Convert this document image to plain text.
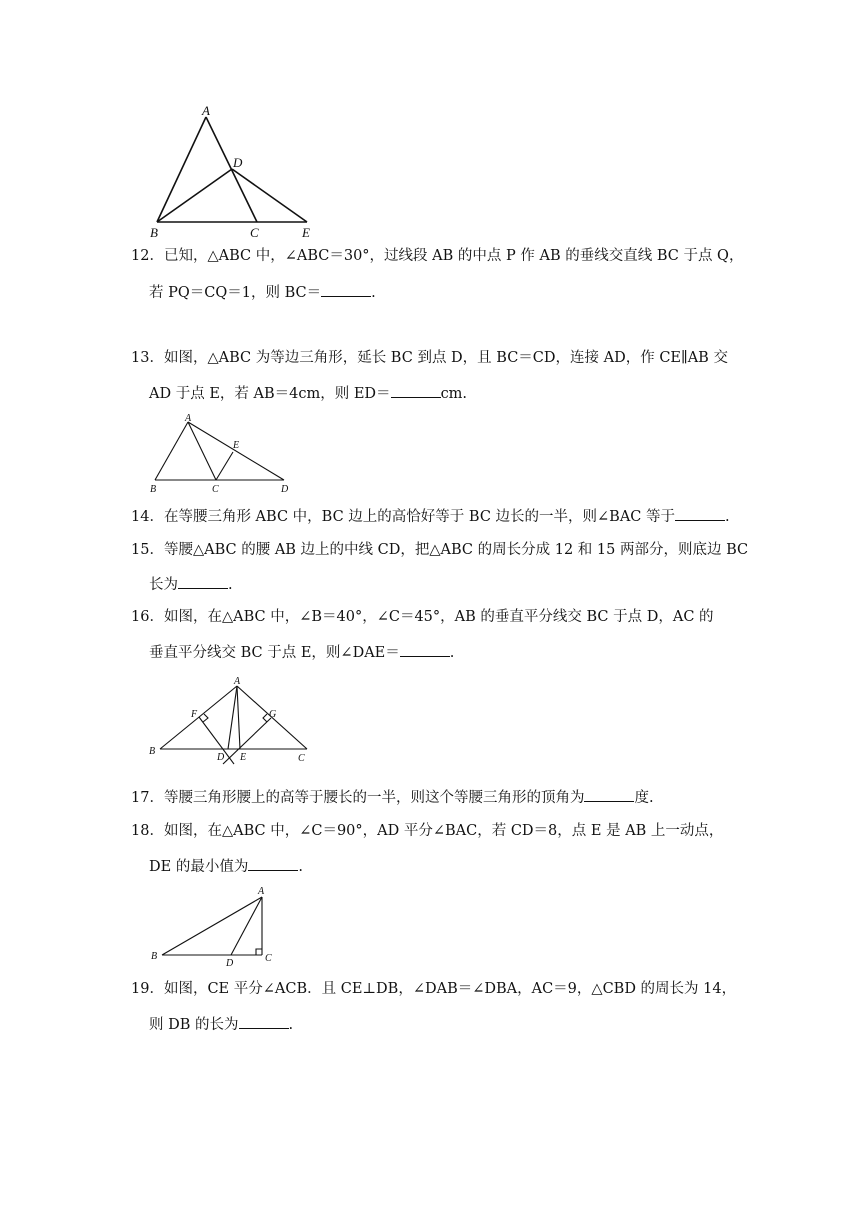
A
D
B	C	E
12．已知，△ABC 中，∠ABC＝30°，过线段 AB 的中点 P 作 AB 的垂线交直线 BC 于点 Q，
若 PQ＝CQ＝1，则 BC＝	.
13．如图，△ABC 为等边三角形，延长 BC 到点 D，且 BC＝CD，连接 AD，作 CE∥AB 交
AD 于点 E，若 AB＝4cm，则 ED＝	cm.
A
E
B	C	D
14．在等腰三角形 ABC 中，BC 边上的高恰好等于 BC 边长的一半，则∠BAC 等于	.
15．等腰△ABC 的腰 AB 边上的中线 CD，把△ABC 的周长分成 12 和 15 两部分，则底边 BC
长为	.
16．如图，在△ABC 中，∠B＝40°，∠C＝45°，AB 的垂直平分线交 BC 于点 D，AC 的
垂直平分线交 BC 于点 E，则∠DAE＝	.
A
F	G
B
C
D E
17．等腰三角形腰上的高等于腰长的一半，则这个等腰三角形的顶角为	度.
18．如图，在△ABC 中，∠C＝90°，AD 平分∠BAC，若 CD＝8，点 E 是 AB 上一动点，
DE 的最小值为	.
A
B	C
D
19．如图，CE 平分∠ACB．且 CE⊥DB，∠DAB＝∠DBA，AC＝9，△CBD 的周长为 14，
则 DB 的长为	.
